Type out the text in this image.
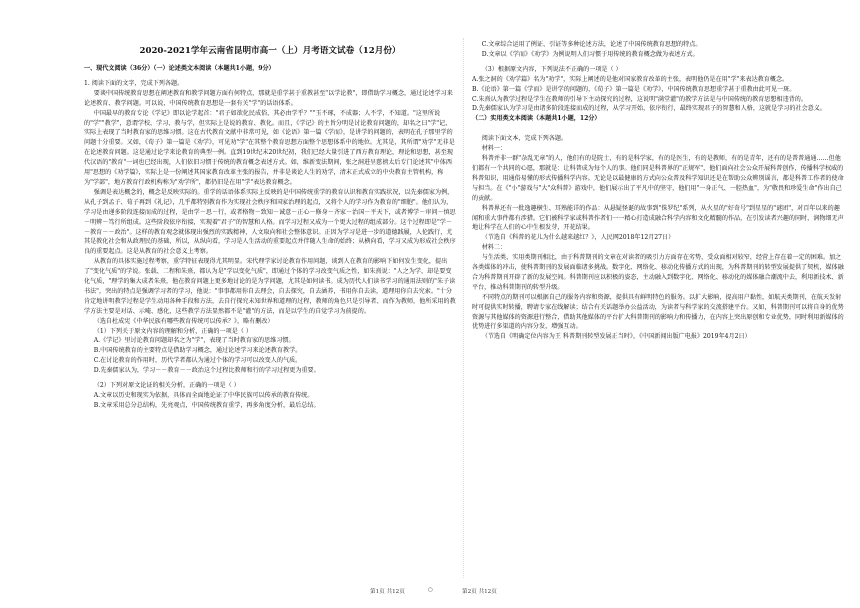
2020-2021学年云南省昆明市高一（上）月考语文试卷（12月份）

一、现代文阅读（36分）（一）论述类文本阅读（本题共1小题，9分）

1. 阅读下面的文字，完成下列各题。

要谈中国传统教育思想在阐述教育和教学问题方面有何特点，那就是重学甚于重教甚至"以学论教"，即借助学习概念，通过论述学习来论述教育、教学问题。可以说，中国传统教育思想是一套有关"学"的话语体系。

中国最早的教育专论《学记》即以论学起首："君子如欲化民成俗，其必由学乎？""玉不琢，不成器；人不学，不知道。"这里所说的"学""教学"，意谓学校、学习、教与学，但实际上是说的教育、教化。而且，《学记》的主旨分明是讨论教育问题的，却名之曰"学"记，实际上表现了当时教育家的思维习惯。这在古代教育文献中非常可见，如《论语》第一篇《学而》，是讲学的问题的，表明在孔子那里学的问题十分重要。又如，《荀子》第一篇是《劝学》，可见劝"学"在其整个教育思想方面整个思想体系中的地位。尤其是，其所谓"劝学"无非是在论述教育问题。这是通过论学来论教育的典型一例。直到19世纪末20世纪初，我们已经大量引进了西方教育理论，理论和思想，甚至现代汉语的"教育"一词也已经出现，人们依旧习惯于传统的教育概念表述方式。如，维新变法期间，张之洞进呈慈禧太后专门论述其"中体西用"思想的《劝学篇》，实际上是一份阐述其国家教育改革主张的报告，并非是谈论人生的劝学，清末正式成立的中央教育主管机构，称为"学部"，地方教育行政机构称为"劝学所"，都仍旧是在用"学"表达教育概念。

强调是表达概念的，概念是反映实际的。重学的话语体系实际上反映的是中国传统重学的教育认识和教育实践状况，以先秦儒家为例，从孔子到孟子、荀子再到《礼记》，几乎都特别教育作为实现社会秩序和国家治理的起点，又将个人的学习作为教育的"细胞"。他们认为，学习是由递多阶段连接而成的过程，是由学－思－行，或者格物－致知－诚意－正心－修身－齐家－治国－平天下，或者博学－审问－慎思－明辨－笃行所组成。这些阶段依序衔接，实现着"君子"的智慧和人格。而学习过程又成为一个更大过程的组成部分。这个过程即是"学－－教育－－政治"。这样的教育观念就体现出强烈的实践精神，人文取向和社会整体意识。正因为学习是进一步的道德践履，人伦践行，尤其是教化社会和从政理民的基础，所以，从纵向看，学习是人生活动的重要起点并伴随人生命的始终；从横向看，学习又成为形成社会秩序良的重要起点。这是从教育的社会意义上考察。

从教育的具体实施过程考察，重学特征表现得尤其明显。宋代理学家讨论教育作用问题，谈到人在教育的影响下如何发生变化，提出了"变化气质"的学说。张载、二程和朱熹，都认为是"学以变化气质"，即通过个体的学习改变气质之性，如朱熹说："人之为学，却是要变化气质，"理学的集大成者朱熹，他在教育问题上更多地讨论的是为学问题，尤其是如何读书。成为历代人们读书学习的通用法则的"朱子读书法"，突出的特点是强调学习者的学习，他说："事事都用你自去理会，自去探究，自去涵养，书用你自去读，道理用你自去究索。"十分肯定地讲明教学过程是学生动用各种手段和方法，去自行探究未知世界和道理的过程，教师的角色只是引导者、而作为教师，他所采用的教学方法主要是对话、示唵、感化，这些教学方法显然都不是"灌"的方法，而是以学生的自觉学习为前提的。

（选自杜成宪《中华民族有哪些教育传统可以传承？》，略有删改）

（1）下列关于原文内容的理解和分析，正确的一项是（ ）

A.《学记》里讨论教育问题却名之为"学"，表现了当时教育家的思维习惯。

B.中国传统教育的主要特点是借助学习概念，通过论述学习来论述教育教学。

C.在讨论教育的作用时，历代学者都认为通过个体的学习可以改变人的气质。

D.先秦儒家认为，学习－－教育－－政治这个过程比教师和行的学习过程更为重要。

（2）下列对原文论证的相关分析，正确的一项是（ ）

A.文章以历史和现实为依据，具体而全面地论证了中华民族可以传承的教育传统。

B.文章采用总分总结构，先亮观点，中国传统教育重学，再多角度分析，最后总结。

C.文章综合运用了例证、引证等多种论述方法，论述了中国传统教育思想的特点。

D.文章以《学而》《劝学》为例说明人们习惯于用传统的教育概念做为表述方式。

（3）根据原文内容，下列说法不正确的一项是（ ）

A.张之洞的《劝学篇》名为"劝学"，实际上阐述的是他对国家教育改革的主张，表明他仍是在用"学"来表达教育概念。

B.《论语》第一篇《学而》是讲学的问题的，《荀子》第一篇是《劝学》，中国传统教育思想重学甚于重教由此可见一斑。

C.朱熹认为教学过程是学生在教师的引导下主动探究的过程，这说明"满堂灌"的教学方法是与中国传统的教育思想相违背的。

D.先秦儒家认为学习是由诸多阶段连接而成的过程，从学习开始，依序衔行，最终实现君子的智慧和人格，这就是学习的社会意义。

（二）实用类文本阅读（本题共1小题，12分）

阅读下面文本，完成下列各题。

材料一：

科普并非一群"杂乱无章"的人，他们有的是院士，有的是科学家，有的是医生，有的是教师，有的是青年，还有的是普普通通……但他们都有一个共同的心愿，那就是：让科普成为每个人的事。他们同是科普界的"正规军"，他们面向社会公众开展科普创作，传播科学权威的科普知识，用通俗易懂的形式传播科学内容。无论是以最健康的方式向公众普及科学知识还是在帮助公众辨别谣言，都是科普工作者的使命与担当。在《"小"游戏与"大"众科普》游戏中，他们展示出了平凡中的坚守，他们用"一身正气、一腔热血"，为"敬畏和珍爱生命"作出自己的贡献。

科普界还有一批逸趣横生、耳熟能详的作品：从悬疑怪诞的故事到"侏罗纪"系列，从火星的"好奇号"到星星的"谜团"，对百年以来的趣闻和重大事件都有涉猎。它们被科学家或科普作者们一一精心打造成融合科学内容和文化精髓的作品，在引发读者兴趣的同时，润物细无声地让科学在人们的心中生根发芽，开花结果。

（节选自《科普的花儿为什么越来越红？》，人民网2018年12月27日）

材料二：

与生活类、实用类期刊相比，由于科普期刊的文章在对读者的吸引力方面存在劣势，受众面相对较窄，经营上存在着一定的困难。加之各类媒体的冲击，使科普期刊的发展面临诸多挑战。数字化、网络化、移动化传播方式的出现，为科普期刊的转型发展提供了契机，媒体融合为科普期刊开辟了新的发展空间。科普期刊应以积极的姿态，主动融入到数字化、网络化、移动化的媒体融合潮流中去，利用新技术、新平台，推动科普期刊的转型升级。

不同特点的期刊可以根据自己的服务内容和资源，提供具有鲜明特色的服务。以扩大影响，提高用户黏性，如航天类期刊，在航天发射时可提供实时转播，聘请专家在线解读；结合有关话题举办公益活动，为读者与科学家的交流搭建平台。又如，科普期刊可以将自身的优势资源与其他媒体的资源进行整合，借助其他媒体的平台扩大科普期刊的影响力和传播力，在内容上突出原创和专业优势，同时利用新媒体的优势进行多渠道的内容分发，增强互动。

（节选自《明确定位内容为王 科普期刊转型发展正当时》，《中国新闻出版广电报》2019年4月2日）

第1页 共12页	○	第2页 共12页
